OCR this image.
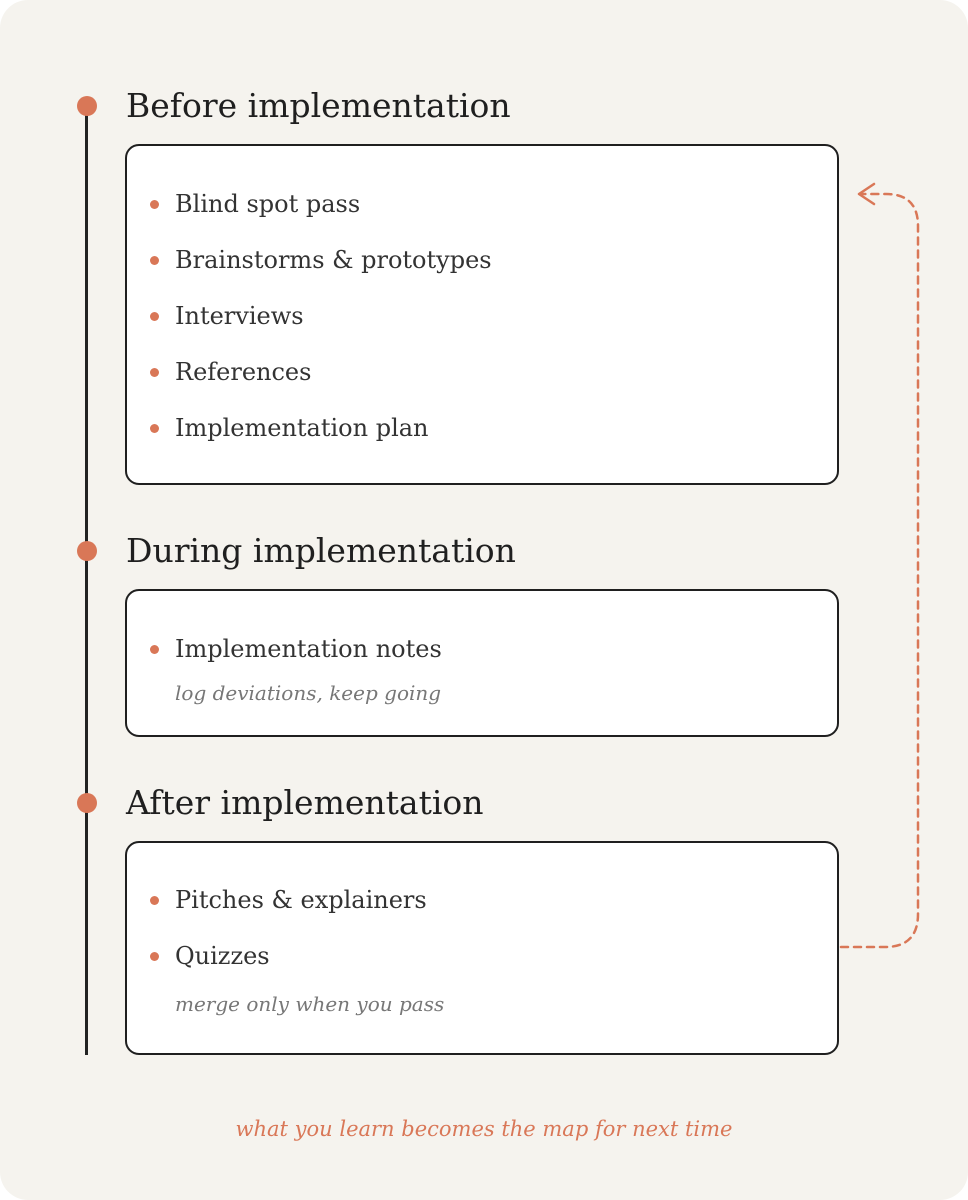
Before implementation
Blind spot pass
Brainstorms & prototypes
Interviews
References
Implementation plan
During implementation
Implementation notes
log deviations, keep going
After implementation
Pitches & explainers
Quizzes
merge only when you pass
what you learn becomes the map for next time
